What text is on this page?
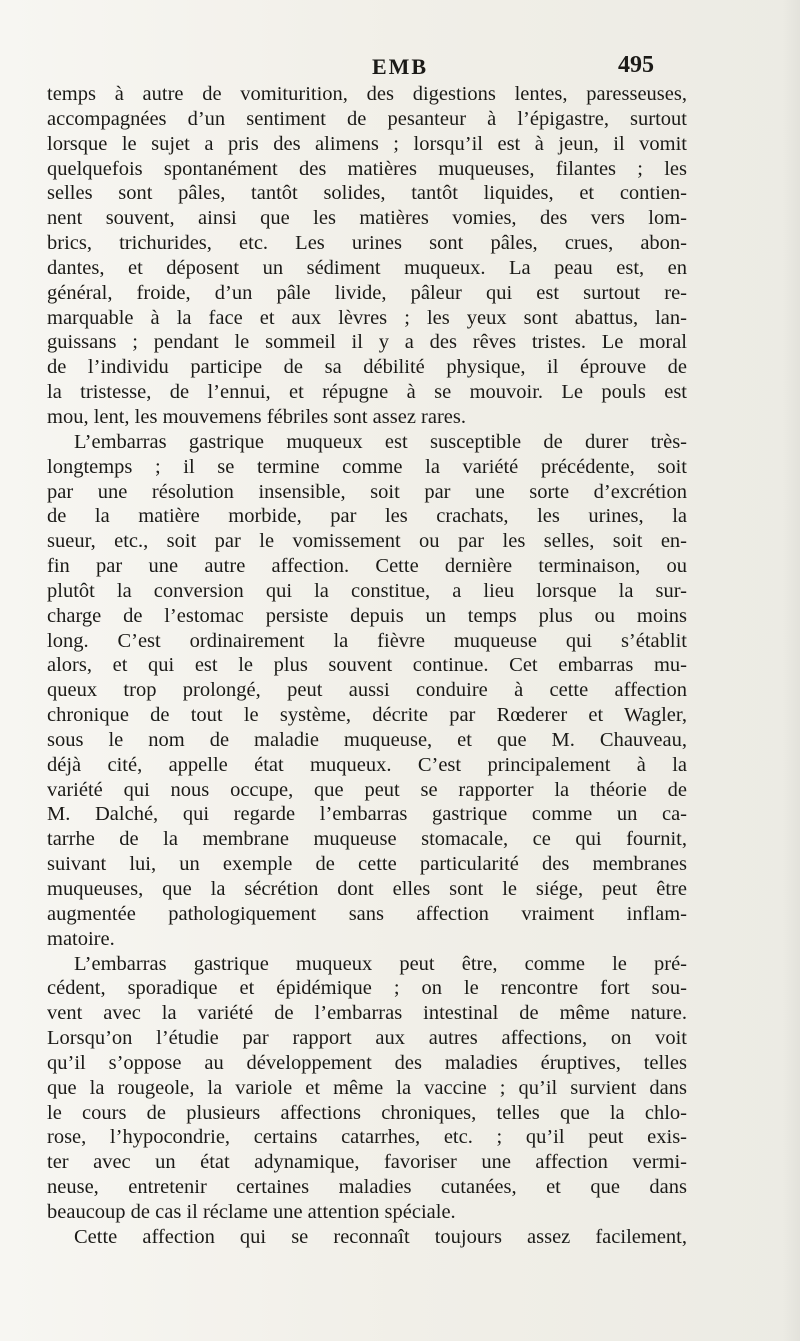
EMB	495
temps à autre de vomiturition, des digestions lentes, paresseuses,
accompagnées d’un sentiment de pesanteur à l’épigastre, surtout
lorsque le sujet a pris des alimens ; lorsqu’il est à jeun, il vomit
quelquefois spontanément des matières muqueuses, filantes ; les
selles sont pâles, tantôt solides, tantôt liquides, et contien-
nent souvent, ainsi que les matières vomies, des vers lom-
brics, trichurides, etc. Les urines sont pâles, crues, abon-
dantes, et déposent un sédiment muqueux. La peau est, en
général, froide, d’un pâle livide, pâleur qui est surtout re-
marquable à la face et aux lèvres ; les yeux sont abattus, lan-
guissans ; pendant le sommeil il y a des rêves tristes. Le moral
de l’individu participe de sa débilité physique, il éprouve de
la tristesse, de l’ennui, et répugne à se mouvoir. Le pouls est
mou, lent, les mouvemens fébriles sont assez rares.
L’embarras gastrique muqueux est susceptible de durer très-
longtemps ; il se termine comme la variété précédente, soit
par une résolution insensible, soit par une sorte d’excrétion
de la matière morbide, par les crachats, les urines, la
sueur, etc., soit par le vomissement ou par les selles, soit en-
fin par une autre affection. Cette dernière terminaison, ou
plutôt la conversion qui la constitue, a lieu lorsque la sur-
charge de l’estomac persiste depuis un temps plus ou moins
long. C’est ordinairement la fièvre muqueuse qui s’établit
alors, et qui est le plus souvent continue. Cet embarras mu-
queux trop prolongé, peut aussi conduire à cette affection
chronique de tout le système, décrite par Rœderer et Wagler,
sous le nom de maladie muqueuse, et que M. Chauveau,
déjà cité, appelle état muqueux. C’est principalement à la
variété qui nous occupe, que peut se rapporter la théorie de
M. Dalché, qui regarde l’embarras gastrique comme un ca-
tarrhe de la membrane muqueuse stomacale, ce qui fournit,
suivant lui, un exemple de cette particularité des membranes
muqueuses, que la sécrétion dont elles sont le siége, peut être
augmentée pathologiquement sans affection vraiment inflam-
matoire.
L’embarras gastrique muqueux peut être, comme le pré-
cédent, sporadique et épidémique ; on le rencontre fort sou-
vent avec la variété de l’embarras intestinal de même nature.
Lorsqu’on l’étudie par rapport aux autres affections, on voit
qu’il s’oppose au développement des maladies éruptives, telles
que la rougeole, la variole et même la vaccine ; qu’il survient dans
le cours de plusieurs affections chroniques, telles que la chlo-
rose, l’hypocondrie, certains catarrhes, etc. ; qu’il peut exis-
ter avec un état adynamique, favoriser une affection vermi-
neuse, entretenir certaines maladies cutanées, et que dans
beaucoup de cas il réclame une attention spéciale.
Cette affection qui se reconnaît toujours assez facilement,
